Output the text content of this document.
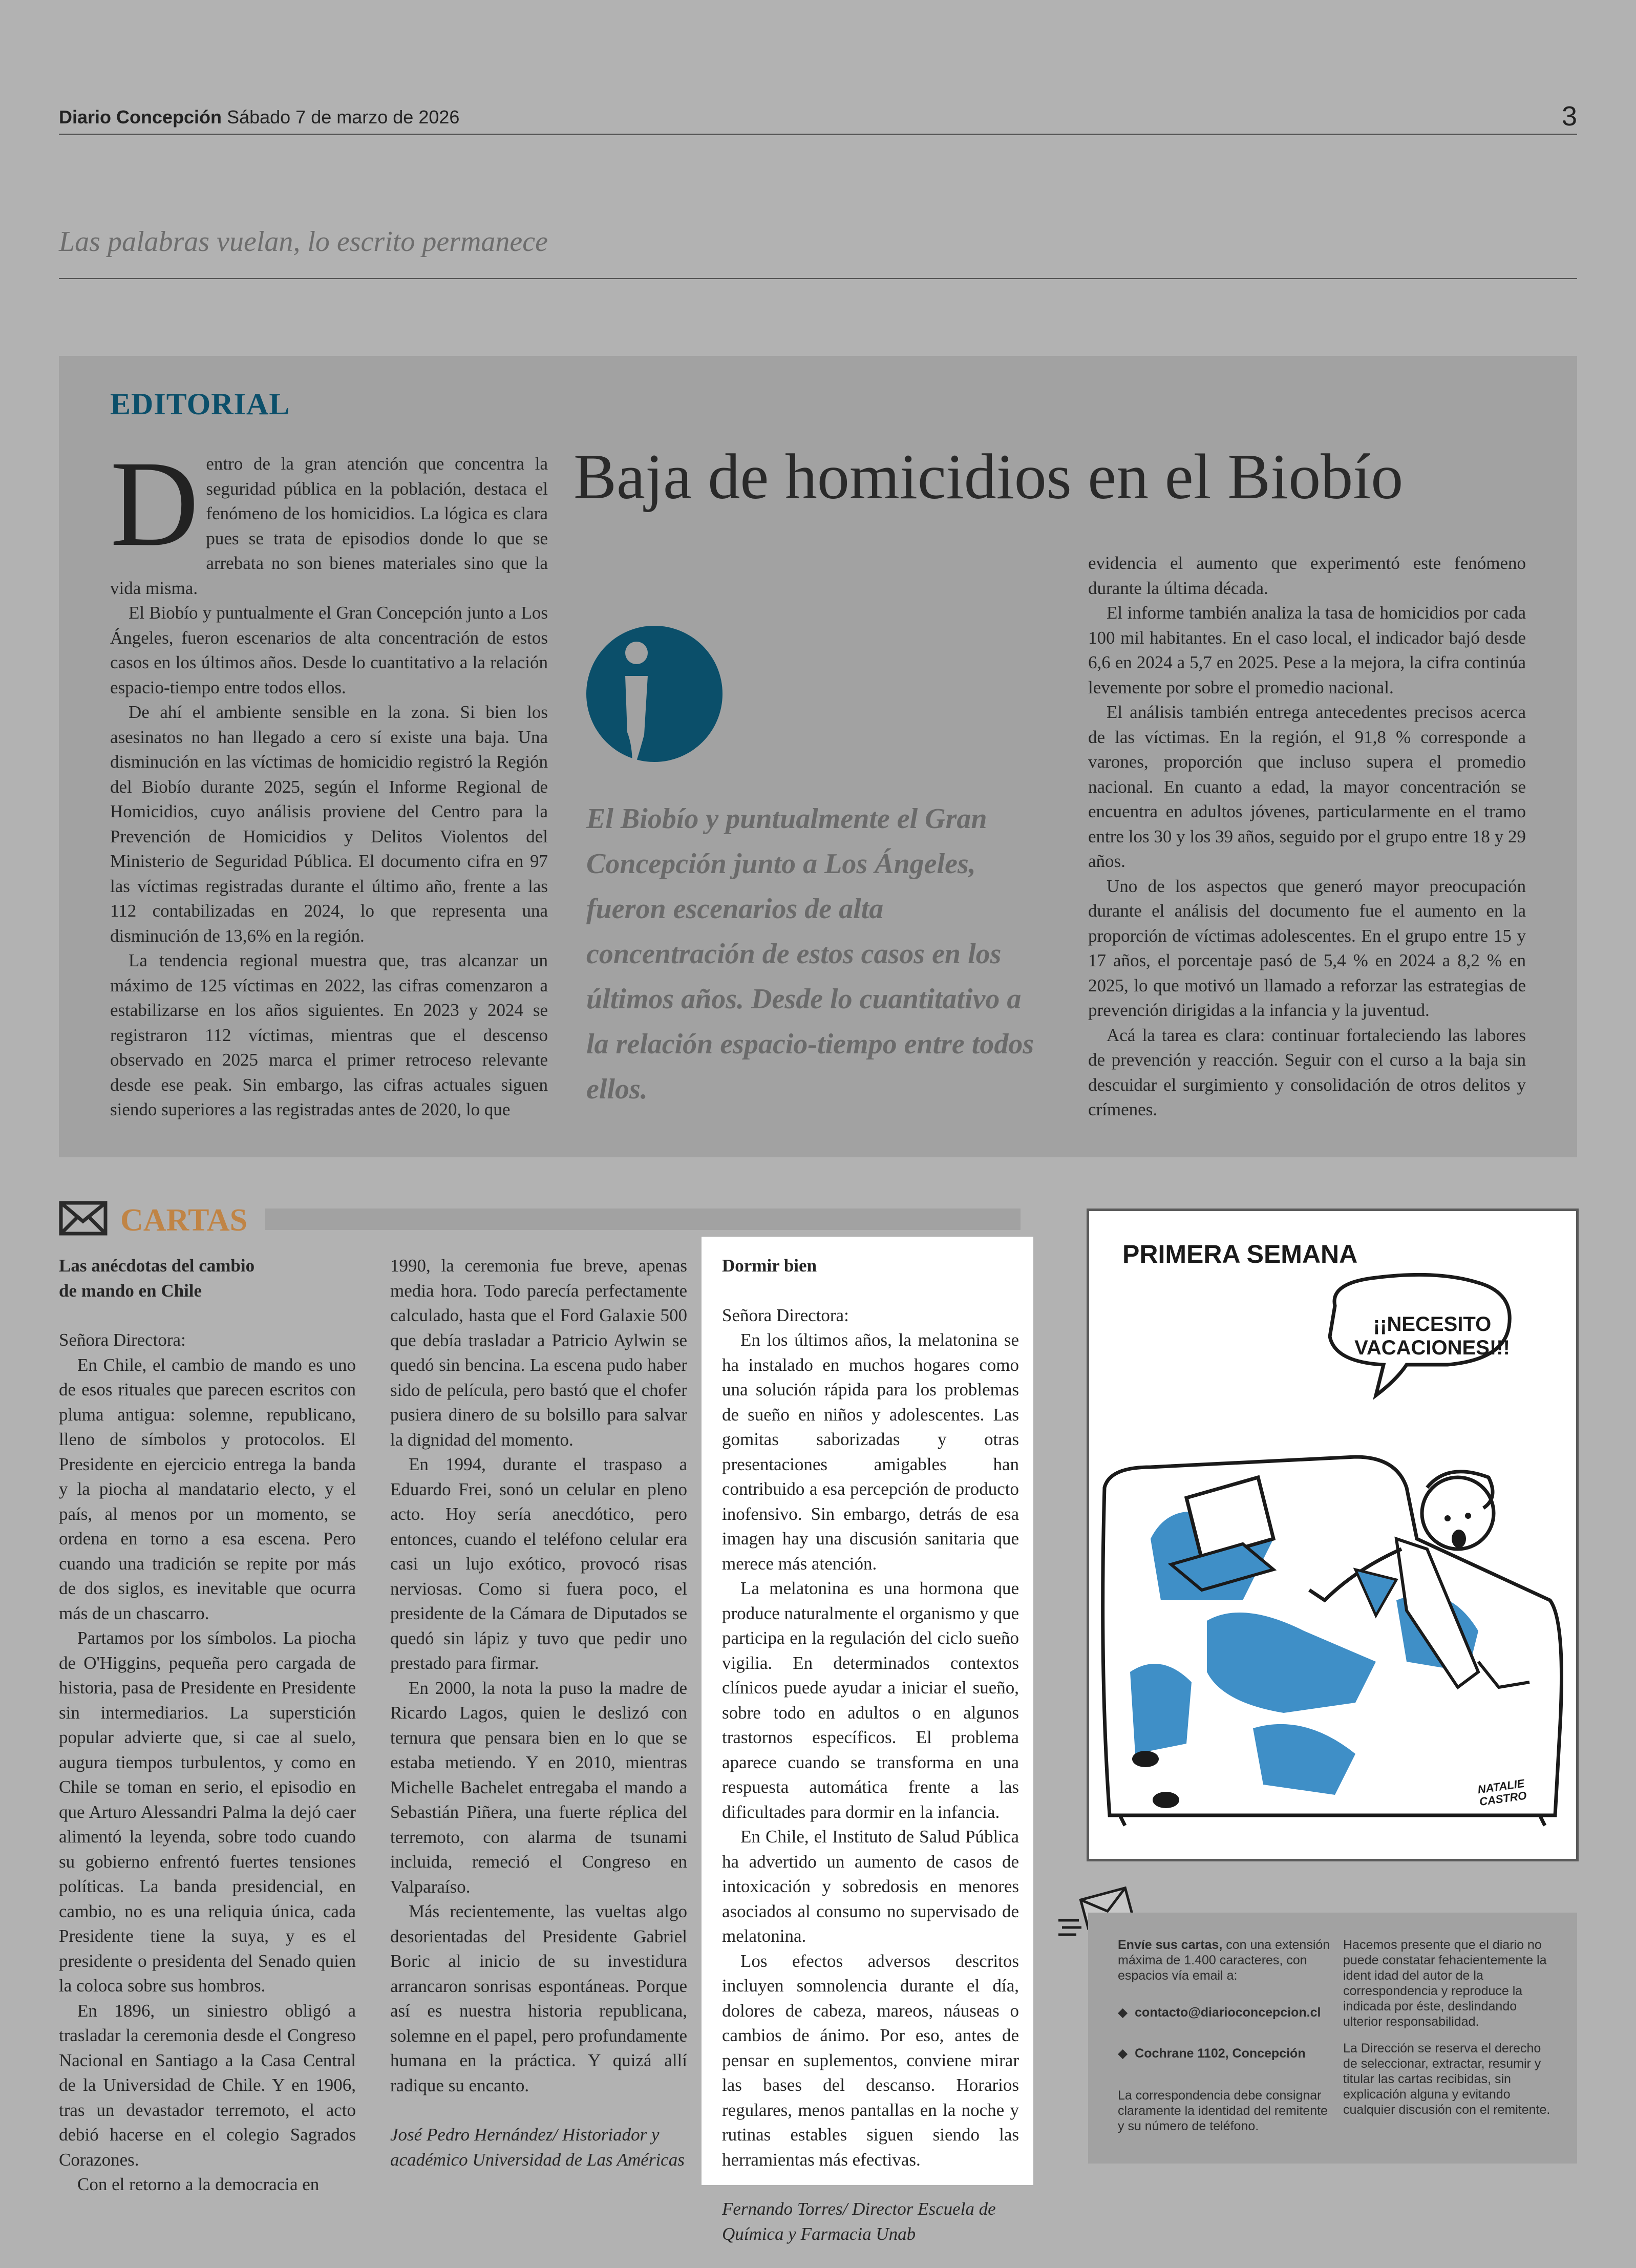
Diario Concepción Sábado 7 de marzo de 2026	3
Las palabras vuelan, lo escrito permanece
EDITORIAL
Baja de homicidios en el Biobío
D entro de la gran atención que concentra la seguridad pública en la población, destaca el fenómeno de los homicidios. La lógica es clara pues se trata de episodios donde lo que se arrebata no son bienes materiales sino que la vida misma.

El Biobío y puntualmente el Gran Concepción junto a Los Ángeles, fueron escenarios de alta concentración de estos casos en los últimos años. Desde lo cuantitativo a la relación espacio-tiempo entre todos ellos.

De ahí el ambiente sensible en la zona. Si bien los asesinatos no han llegado a cero sí existe una baja. Una disminución en las víctimas de homicidio registró la Región del Biobío durante 2025, según el Informe Regional de Homicidios, cuyo análisis proviene del Centro para la Prevención de Homicidios y Delitos Violentos del Ministerio de Seguridad Pública. El documento cifra en 97 las víctimas registradas durante el último año, frente a las 112 contabilizadas en 2024, lo que representa una disminución de 13,6% en la región.

La tendencia regional muestra que, tras alcanzar un máximo de 125 víctimas en 2022, las cifras comenzaron a estabilizarse en los años siguientes. En 2023 y 2024 se registraron 112 víctimas, mientras que el descenso observado en 2025 marca el primer retroceso relevante desde ese peak. Sin embargo, las cifras actuales siguen siendo superiores a las registradas antes de 2020, lo que

El Biobío y puntualmente el Gran Concepción junto a Los Ángeles, fueron escenarios de alta concentración de estos casos en los últimos años. Desde lo cuantitativo a la relación espacio-tiempo entre todos ellos.

evidencia el aumento que experimentó este fenómeno durante la última década.

El informe también analiza la tasa de homicidios por cada 100 mil habitantes. En el caso local, el indicador bajó desde 6,6 en 2024 a 5,7 en 2025. Pese a la mejora, la cifra continúa levemente por sobre el promedio nacional.

El análisis también entrega antecedentes precisos acerca de las víctimas. En la región, el 91,8 % corresponde a varones, proporción que incluso supera el promedio nacional. En cuanto a edad, la mayor concentración se encuentra en adultos jóvenes, particularmente en el tramo entre los 30 y los 39 años, seguido por el grupo entre 18 y 29 años.

Uno de los aspectos que generó mayor preocupación durante el análisis del documento fue el aumento en la proporción de víctimas adolescentes. En el grupo entre 15 y 17 años, el porcentaje pasó de 5,4 % en 2024 a 8,2 % en 2025, lo que motivó un llamado a reforzar las estrategias de prevención dirigidas a la infancia y la juventud.

Acá la tarea es clara: continuar fortaleciendo las labores de prevención y reacción. Seguir con el curso a la baja sin descuidar el surgimiento y consolidación de otros delitos y crímenes.

CARTAS

Las anécdotas del cambio
de mando en Chile

Señora Directora:

En Chile, el cambio de mando es uno de esos rituales que parecen escritos con pluma antigua: solemne, republicano, lleno de símbolos y protocolos. El Presidente en ejercicio entrega la banda y la piocha al mandatario electo, y el país, al menos por un momento, se ordena en torno a esa escena. Pero cuando una tradición se repite por más de dos siglos, es inevitable que ocurra más de un chascarro.

Partamos por los símbolos. La piocha de O'Higgins, pequeña pero cargada de historia, pasa de Presidente en Presidente sin intermediarios. La superstición popular advierte que, si cae al suelo, augura tiempos turbulentos, y como en Chile se toman en serio, el episodio en que Arturo Alessandri Palma la dejó caer alimentó la leyenda, sobre todo cuando su gobierno enfrentó fuertes tensiones políticas. La banda presidencial, en cambio, no es una reliquia única, cada Presidente tiene la suya, y es el presidente o presidenta del Senado quien la coloca sobre sus hombros.

En 1896, un siniestro obligó a trasladar la ceremonia desde el Congreso Nacional en Santiago a la Casa Central de la Universidad de Chile. Y en 1906, tras un devastador terremoto, el acto debió hacerse en el colegio Sagrados Corazones.

Con el retorno a la democracia en

1990, la ceremonia fue breve, apenas media hora. Todo parecía perfectamente calculado, hasta que el Ford Galaxie 500 que debía trasladar a Patricio Aylwin se quedó sin bencina. La escena pudo haber sido de película, pero bastó que el chofer pusiera dinero de su bolsillo para salvar la dignidad del momento.

En 1994, durante el traspaso a Eduardo Frei, sonó un celular en pleno acto. Hoy sería anecdótico, pero entonces, cuando el teléfono celular era casi un lujo exótico, provocó risas nerviosas. Como si fuera poco, el presidente de la Cámara de Diputados se quedó sin lápiz y tuvo que pedir uno prestado para firmar.

En 2000, la nota la puso la madre de Ricardo Lagos, quien le deslizó con ternura que pensara bien en lo que se estaba metiendo. Y en 2010, mientras Michelle Bachelet entregaba el mando a Sebastián Piñera, una fuerte réplica del terremoto, con alarma de tsunami incluida, remeció el Congreso en Valparaíso.

Más recientemente, las vueltas algo desorientadas del Presidente Gabriel Boric al inicio de su investidura arrancaron sonrisas espontáneas. Porque así es nuestra historia republicana, solemne en el papel, pero profundamente humana en la práctica. Y quizá allí radique su encanto.

José Pedro Hernández/ Historiador y académico Universidad de Las Américas

Dormir bien

Señora Directora:

En los últimos años, la melatonina se ha instalado en muchos hogares como una solución rápida para los problemas de sueño en niños y adolescentes. Las gomitas saborizadas y otras presentaciones amigables han contribuido a esa percepción de producto inofensivo. Sin embargo, detrás de esa imagen hay una discusión sanitaria que merece más atención.

La melatonina es una hormona que produce naturalmente el organismo y que participa en la regulación del ciclo sueño vigilia. En determinados contextos clínicos puede ayudar a iniciar el sueño, sobre todo en adultos o en algunos trastornos específicos. El problema aparece cuando se transforma en una respuesta automática frente a las dificultades para dormir en la infancia.

En Chile, el Instituto de Salud Pública ha advertido un aumento de casos de intoxicación y sobredosis en menores asociados al consumo no supervisado de melatonina.

Los efectos adversos descritos incluyen somnolencia durante el día, dolores de cabeza, mareos, náuseas o cambios de ánimo. Por eso, antes de pensar en suplementos, conviene mirar las bases del descanso. Horarios regulares, menos pantallas en la noche y rutinas estables siguen siendo las herramientas más efectivas.

Fernando Torres/ Director Escuela de Química y Farmacia Unab

PRIMERA SEMANA
¡¡NECESITO VACACIONES!!!
NATALIE CASTRO
Envíe sus cartas, con una extensión máxima de 1.400 caracteres, con espacios vía email a:
◆ contacto@diarioconcepcion.cl
◆ Cochrane 1102, Concepción
La correspondencia debe consignar claramente la identidad del remitente y su número de teléfono.
Hacemos presente que el diario no puede constatar fehacientemente la ident idad del autor de la correspondencia y reproduce la indicada por éste, deslindando ulterior responsabilidad.
La Dirección se reserva el derecho de seleccionar, extractar, resumir y titular las cartas recibidas, sin explicación alguna y evitando cualquier discusión con el remitente.
